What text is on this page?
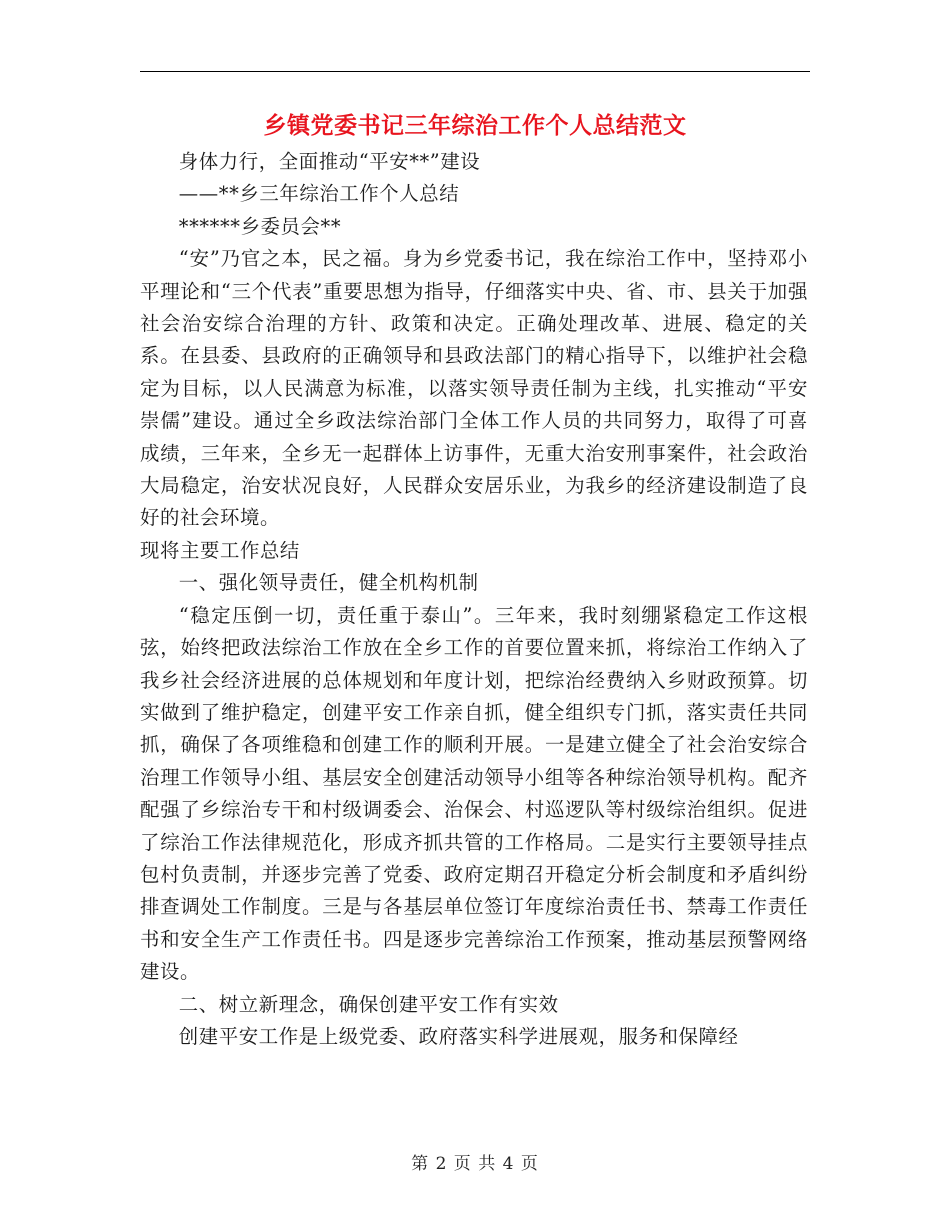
乡镇党委书记三年综治工作个人总结范文

身体力行，全面推动“平安**”建设

——**乡三年综治工作个人总结

******乡委员会**

“安”乃官之本，民之福。身为乡党委书记，我在综治工作中，坚持邓小平理论和“三个代表”重要思想为指导，仔细落实中央、省、市、县关于加强社会治安综合治理的方针、政策和决定。正确处理改革、进展、稳定的关系。在县委、县政府的正确领导和县政法部门的精心指导下，以维护社会稳定为目标，以人民满意为标准，以落实领导责任制为主线，扎实推动“平安崇儒”建设。通过全乡政法综治部门全体工作人员的共同努力，取得了可喜成绩，三年来，全乡无一起群体上访事件，无重大治安刑事案件，社会政治大局稳定，治安状况良好，人民群众安居乐业，为我乡的经济建设制造了良好的社会环境。

现将主要工作总结

一、强化领导责任，健全机构机制

“稳定压倒一切，责任重于泰山”。三年来，我时刻绷紧稳定工作这根弦，始终把政法综治工作放在全乡工作的首要位置来抓，将综治工作纳入了我乡社会经济进展的总体规划和年度计划，把综治经费纳入乡财政预算。切实做到了维护稳定，创建平安工作亲自抓，健全组织专门抓，落实责任共同抓，确保了各项维稳和创建工作的顺利开展。一是建立健全了社会治安综合治理工作领导小组、基层安全创建活动领导小组等各种综治领导机构。配齐配强了乡综治专干和村级调委会、治保会、村巡逻队等村级综治组织。促进了综治工作法律规范化，形成齐抓共管的工作格局。二是实行主要领导挂点包村负责制，并逐步完善了党委、政府定期召开稳定分析会制度和矛盾纠纷排查调处工作制度。三是与各基层单位签订年度综治责任书、禁毒工作责任书和安全生产工作责任书。四是逐步完善综治工作预案，推动基层预警网络建设。

二、树立新理念，确保创建平安工作有实效

创建平安工作是上级党委、政府落实科学进展观，服务和保障经

第 2 页 共 4 页
